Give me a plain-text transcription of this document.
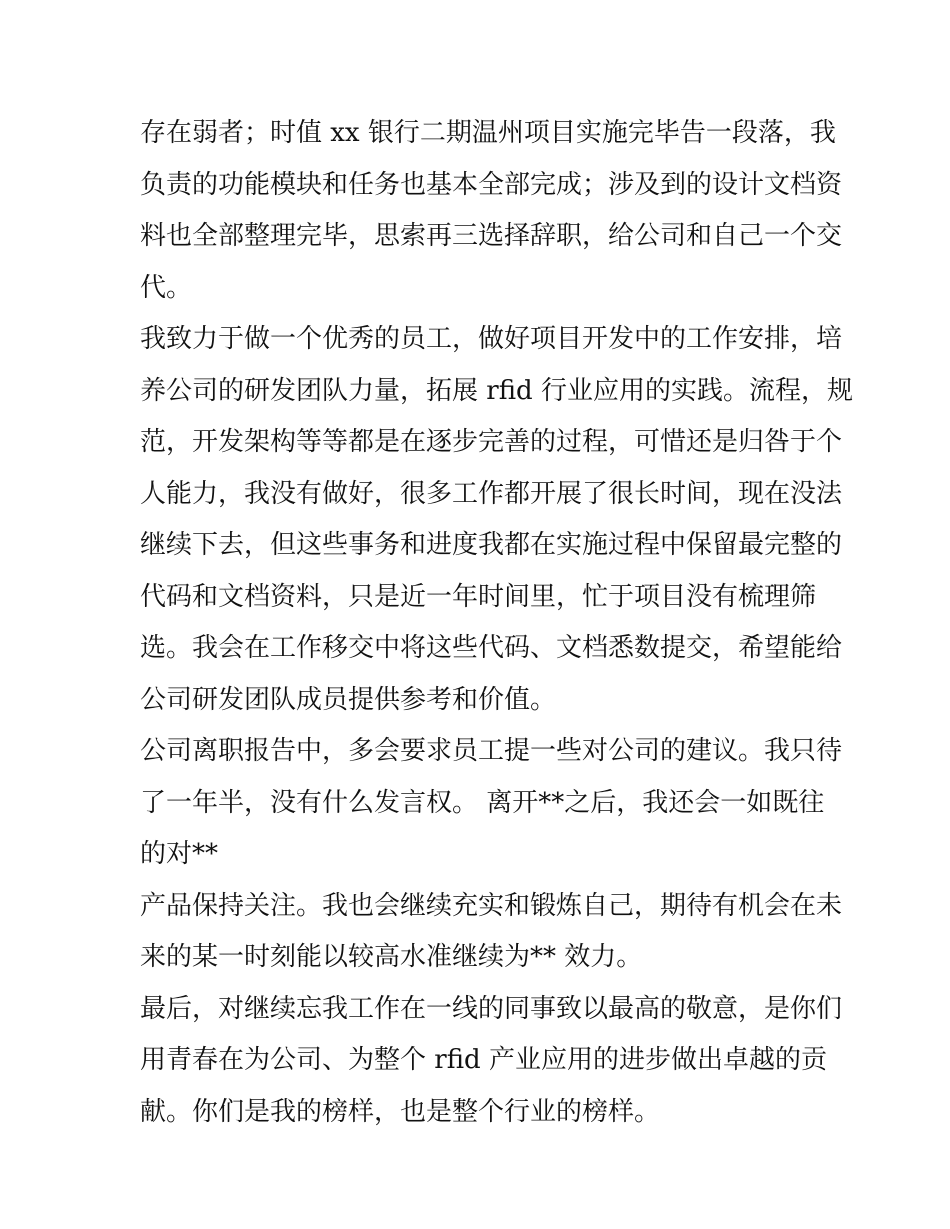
存在弱者；时值 xx 银行二期温州项目实施完毕告一段落，我
负责的功能模块和任务也基本全部完成；涉及到的设计文档资
料也全部整理完毕，思索再三选择辞职，给公司和自己一个交
代。
我致力于做一个优秀的员工，做好项目开发中的工作安排，培
养公司的研发团队力量，拓展 rfid 行业应用的实践。流程，规
范，开发架构等等都是在逐步完善的过程，可惜还是归咎于个
人能力，我没有做好，很多工作都开展了很长时间，现在没法
继续下去，但这些事务和进度我都在实施过程中保留最完整的
代码和文档资料，只是近一年时间里，忙于项目没有梳理筛
选。我会在工作移交中将这些代码、文档悉数提交，希望能给
公司研发团队成员提供参考和价值。
公司离职报告中，多会要求员工提一些对公司的建议。我只待
了一年半，没有什么发言权。 离开**之后，我还会一如既往
的对**
产品保持关注。我也会继续充实和锻炼自己，期待有机会在未
来的某一时刻能以较高水准继续为** 效力。
最后，对继续忘我工作在一线的同事致以最高的敬意，是你们
用青春在为公司、为整个 rfid 产业应用的进步做出卓越的贡
献。你们是我的榜样，也是整个行业的榜样。
